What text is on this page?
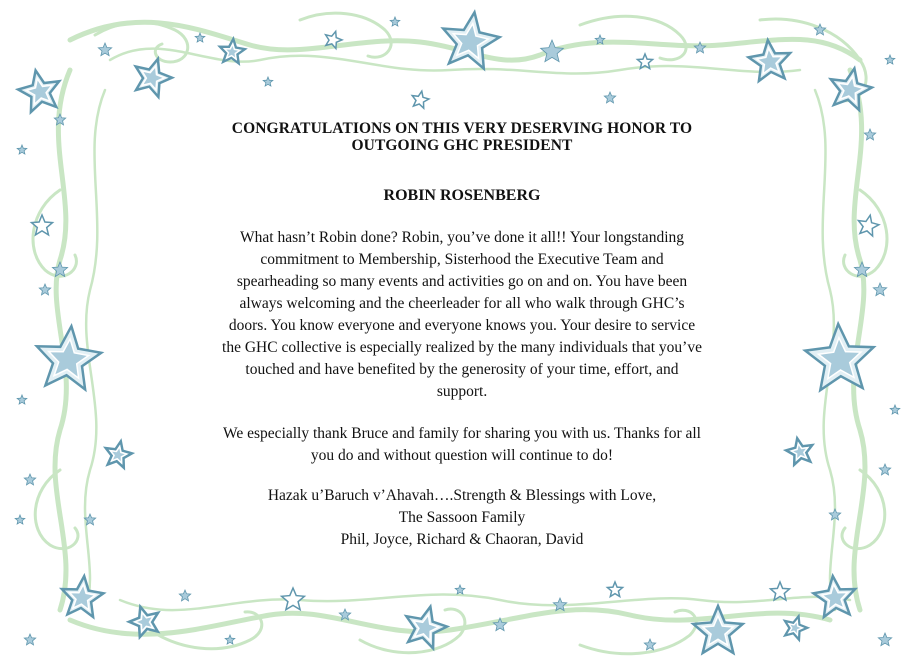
CONGRATULATIONS ON THIS VERY DESERVING HONOR TO
OUTGOING GHC PRESIDENT
ROBIN ROSENBERG
What hasn’t Robin done? Robin, you’ve done it all!! Your longstanding
commitment to Membership, Sisterhood the Executive Team and
spearheading so many events and activities go on and on. You have been
always welcoming and the cheerleader for all who walk through GHC’s
doors. You know everyone and everyone knows you. Your desire to service
the GHC collective is especially realized by the many individuals that you’ve
touched and have benefited by the generosity of your time, effort, and
support.
We especially thank Bruce and family for sharing you with us. Thanks for all
you do and without question will continue to do!
Hazak u’Baruch v’Ahavah….Strength & Blessings with Love,
The Sassoon Family
Phil, Joyce, Richard & Chaoran, David
